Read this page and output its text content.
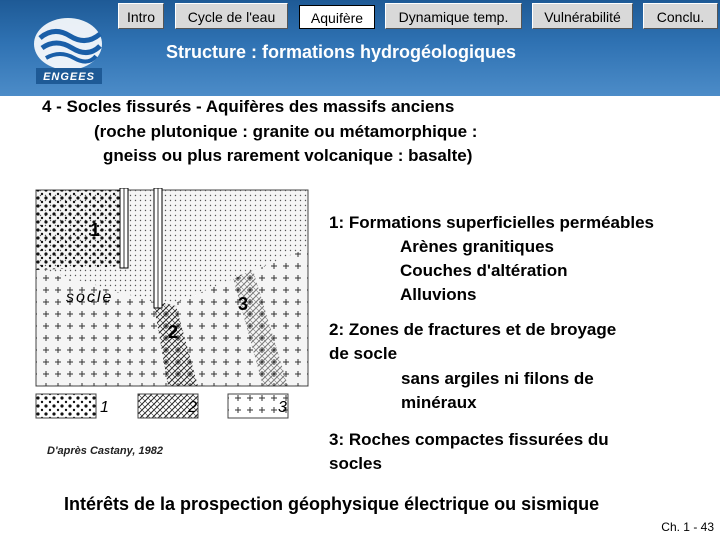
ENGEES
Intro	Cycle de l'eau	Aquifère	Dynamique temp.	Vulnérabilité	Conclu.
Structure : formations hydrogéologiques
4 - Socles fissurés - Aquifères des massifs anciens
(roche plutonique : granite ou métamorphique :
gneiss ou plus rarement volcanique : basalte)
socle
1
2
3
1	2	3
D'après Castany, 1982
1: Formations superficielles perméables
Arènes granitiques
Couches d'altération
Alluvions
2: Zones de fractures et de broyage
de socle
sans argiles ni filons de
minéraux
3: Roches compactes fissurées du
socles
Intérêts de la prospection géophysique électrique ou sismique
Ch. 1 - 43
